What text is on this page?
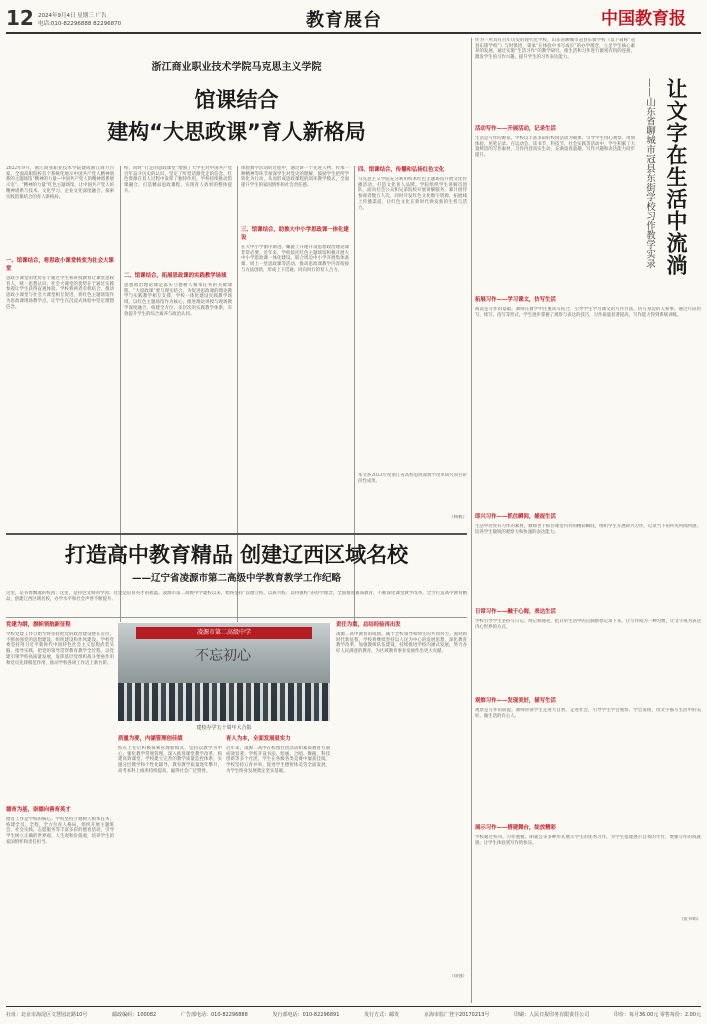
12 2024年9月4日 星期三 广告
电话:010-82296888 82296870	教育展台	中国教育报
浙江商业职业技术学院马克思主义学院
馆课结合
建构“大思政课”育人新格局
2022年9月，浙江商业职业技术学院建成浙江商力百家，全面高职院校首个系统化展示中国共产党人精神谱系的主题场馆“精神的力量—中国共产党人的精神谱系展示室”。“精神的力量”红色主题场馆，让中国共产党人的精神谱系与技术、文化学习、企业文化深度融合，探索实践馆课结合的育人新格局。
一、馆课结合，将思政小课堂转变为社会大课堂
思政小课堂的优势在于通过学生和讲授教育让课堂思政育人，统一思想认识；社会大课堂的优势在于通过实践参观让学生获得直观体验。学校将两者有机结合，推动思政小课堂与社会大课堂相互促进，将红色主题场馆作为思政课现场教学点，让学生在沉浸式体验中坚定理想信念。
校，同时“行走的思政课堂”增强了大学生对中国共产党百年奋斗历史的认识，坚定了听党话跟党走的信念。红色资源在育人过程中发挥了独特作用，学校持续推动馆课融合，打造精品思政课程，实现育人效果的整体提升。
二、馆课结合，拓展思政课的实践教学场域
思想政治理论课是落实立德树人根本任务的关键课程。“大思政课”要与现实结合。为促进思政课的理论教学与实践教学相互支撑，学校一体化建设实践教学场域，以红色主题场馆作为核心，推进理论讲授与现场教学深度融合，构建全方位、多层次的实践教学体系，有效提升学生的综合素养与政治认同。
体验教学活动的过程中，通过讲一个先进人物、传承一种精神等环节加深学生对党史的理解，鼓励学生把所学转化为行动，从而形成思政课程的闭环教学模式，全面提升学生的家国情怀和社会责任感。
三、馆课结合，助推大中小学思政课一体化建设
在大中小学循序渐进、螺旋上升地开设思想政治理论课非常必要。近年来，学校依托红色主题场馆积极开展大中小学思政课一体化建设，联合周边中小学开展集体备课、同上一堂思政课等活动，推动思政课教学内容衔接与方法创新，形成上下贯通、同向同行的育人合力。
四、馆课结合，传播和弘扬红色文化
马克思主义学院充分利用校本红色主题场馆开展文化传播活动，打造文化育人品牌。学院组织学生讲解员团队，面向社会公众和兄弟院校开展讲解服务，累计接待参观者数万人次，同时开发红色文化数字资源，拓展线上传播渠道，让红色文化在新时代焕发新的生机与活力。
本文系2023年度浙江省高校思政课教学改革研究项目阶段性成果。
（杨帆）
打造高中教育精品 创建辽西区域名校
——辽宁省凌源市第二高级中学教育教学工作纪略
这里，是书香飘逸的校园；这里，是特色文明的学园；这里是培育英才的摇篮。凌源市第二高级中学建校以来，始终坚持“以德立校、以质兴校、以特强校”的办学理念，全面推进素质教育，不断深化课堂教学改革，全力打造高中教育精品，创建辽西区域名校，办学水平和社会声誉不断提升。
党建为纲，旗帜领航新征程
学校党建工作自始至终坚持把党的政治建设摆在首位，不断加强党的思想建设、组织建设和作风建设。学校党委坚持用习近平新时代中国特色社会主义思想武装头脑、指导实践，把党的领导贯穿教育教学全过程，以党建引领学校高质量发展，发挥基层党组织战斗堡垒作用和党员先锋模范作用，推动学校各项工作迈上新台阶。
德育为基，崇德向善育英才
德育工作是学校的核心。学校坚持立德树人根本任务，构建全员、全程、全方位育人格局，组织开展主题班会、社会实践、志愿服务等丰富多彩的德育活动，引导学生树立正确的世界观、人生观和价值观，培养学生的家国情怀和责任担当。
凌源市第二高级中学
不忘初心
建校办学五十周年大合影
质量为要，内涵管理创佳绩
校长上任后积极探索管理新模式，坚持以教学为中心，强化教学常规管理，深入推进课堂教学改革，构建高效课堂。学校建立完善的教学质量监控体系，实施分层教学和个性化辅导，教育教学质量逐年攀升，高考本科上线率持续提高，赢得社会广泛赞誉。
育人为本，全面发展显实力
近年来，凌源二高中在校园社团活动和素质教育方面成效显著。学校开设书法、绘画、合唱、舞蹈、科技创新等多个社团，学生在各级各类竞赛中屡获佳绩。学校坚持五育并举，促进学生德智体美劳全面发展，为学生终身发展奠定坚实基础。
责任为重，总结经验再出发
凌源二高中教育的成绩，属于全校领导和师生的共同努力。面对新时代新征程，学校将继续坚持以人民为中心的发展思想，深化教育教学改革，加强教师队伍建设，持续推进学校内涵式发展，努力办好人民满意的教育，为区域教育事业发展作出更大贡献。
（徐强）
让文字在生活中流淌
——山东省聊城市冠县东街学校习作教学实录
作为一所具有百年历史的现代化学校，山东省聊城市冠县东街学校（以下简称“冠县东街学校”）与时俱进，秉承“在体验中书写成长”的办学理念，立足学生核心素养的发展，通过实施“生活习作”的教学研究，推生活和习作进行紧密有机的连接，激发学生的习作兴趣，提升学生的习作表达能力。
活动写作——开展活动，记录生活
生活是写作的源泉。学校以丰富多彩的校园活动为载体，引导学生用心观察、用情体验、用笔记录。在运动会、读书节、科技节、社会实践等活动中，学生积累了大量鲜活的写作素材，习作内容真实生动，充满童真童趣，写作兴趣和表达能力同步提升。
拓展习作——学习课文，仿写生活
阅读是写作的基础。教师在教学中注重读写结合，引导学生学习课文的写作方法，仿写身边的人和事。通过片段仿写、续写、改写等形式，学生逐步掌握了观察与表达的技巧，习作质量显著提高，写作能力得到系统训练。
即兴习作——抓住瞬间，捕捉生活
生活中处处有习作的素材。教师善于抓住课堂内外的精彩瞬间，组织学生开展即兴习作，记录当下的所见所闻所感，培养学生敏锐的观察力和快速的表达能力。
日常习作——融于心海，表达生活
学校引导学生坚持写日记、周记和随笔，把日常生活中的点滴感悟记录下来，让写作成为一种习惯，让文字成为表达内心世界的方式。
观察习作——发现美好，描写生活
观察是写作的前提。教师带领学生走进大自然、走进社会，引导学生学会观察、学会发现，用文字描写生活中的美好，做生活的有心人。
展示习作——搭建舞台，绽放精彩
学校通过校刊、习作展板、朗诵会等多种形式展示学生的优秀习作，为学生搭建展示自我的平台，增强写作的成就感，让学生体验到写作的快乐。
（张书娟）
社址：北京市海淀区文慧园北路10号	邮政编码：100082	广告部电话：010-82296888	发行部电话：010-82296891	发行方式：邮发	京海市监广登字20170213号	印刷：人民日报印务有限责任公司	印价：每月36.00元 零售每份：2.00元
